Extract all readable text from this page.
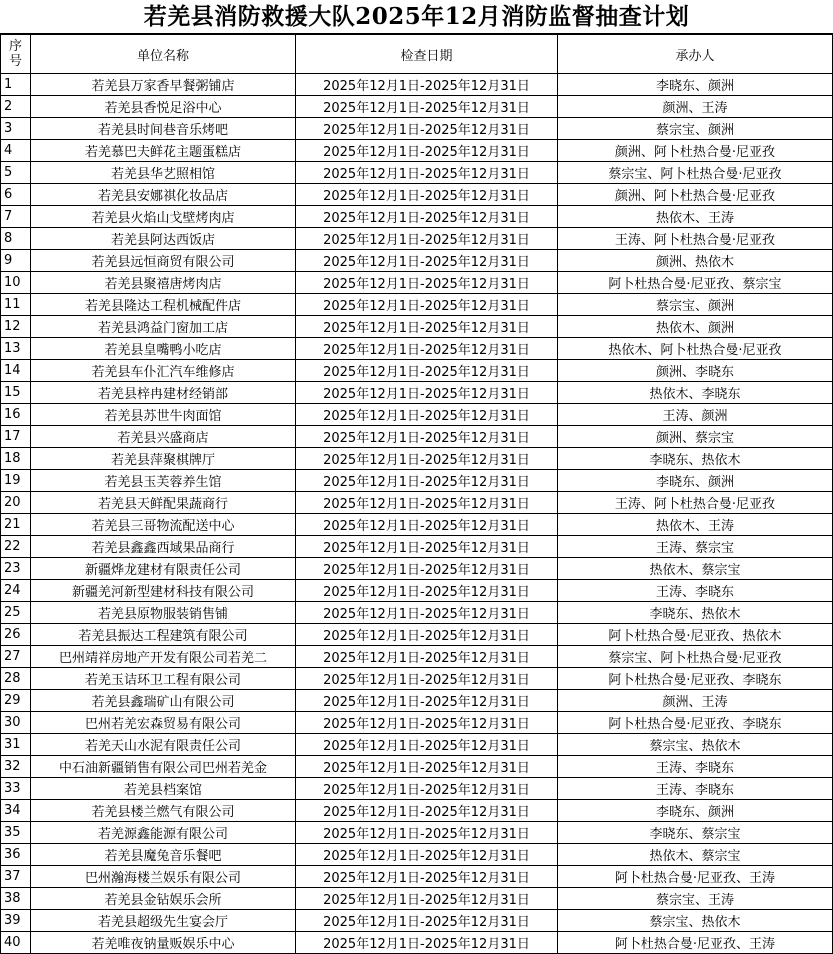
若羌县消防救援大队2025年12月消防监督抽查计划
序号	单位名称	检查日期	承办人
1	若羌县万家香早餐粥铺店	2025年12月1日-2025年12月31日	李晓东、颜洲
2	若羌县香悦足浴中心	2025年12月1日-2025年12月31日	颜洲、王涛
3	若羌县时间巷音乐烤吧	2025年12月1日-2025年12月31日	蔡宗宝、颜洲
4	若羌慕巴夫鲜花主题蛋糕店	2025年12月1日-2025年12月31日	颜洲、阿卜杜热合曼·尼亚孜
5	若羌县华艺照相馆	2025年12月1日-2025年12月31日	蔡宗宝、阿卜杜热合曼·尼亚孜
6	若羌县安娜祺化妆品店	2025年12月1日-2025年12月31日	颜洲、阿卜杜热合曼·尼亚孜
7	若羌县火焰山戈壁烤肉店	2025年12月1日-2025年12月31日	热依木、王涛
8	若羌县阿达西饭店	2025年12月1日-2025年12月31日	王涛、阿卜杜热合曼·尼亚孜
9	若羌县远恒商贸有限公司	2025年12月1日-2025年12月31日	颜洲、热依木
10	若羌县聚禧唐烤肉店	2025年12月1日-2025年12月31日	阿卜杜热合曼·尼亚孜、蔡宗宝
11	若羌县隆达工程机械配件店	2025年12月1日-2025年12月31日	蔡宗宝、颜洲
12	若羌县鸿益门窗加工店	2025年12月1日-2025年12月31日	热依木、颜洲
13	若羌县皇嘴鸭小吃店	2025年12月1日-2025年12月31日	热依木、阿卜杜热合曼·尼亚孜
14	若羌县车仆汇汽车维修店	2025年12月1日-2025年12月31日	颜洲、李晓东
15	若羌县梓冉建材经销部	2025年12月1日-2025年12月31日	热依木、李晓东
16	若羌县苏世牛肉面馆	2025年12月1日-2025年12月31日	王涛、颜洲
17	若羌县兴盛商店	2025年12月1日-2025年12月31日	颜洲、蔡宗宝
18	若羌县萍聚棋牌厅	2025年12月1日-2025年12月31日	李晓东、热依木
19	若羌县玉芙蓉养生馆	2025年12月1日-2025年12月31日	李晓东、颜洲
20	若羌县天鲜配果蔬商行	2025年12月1日-2025年12月31日	王涛、阿卜杜热合曼·尼亚孜
21	若羌县三哥物流配送中心	2025年12月1日-2025年12月31日	热依木、王涛
22	若羌县鑫鑫西域果品商行	2025年12月1日-2025年12月31日	王涛、蔡宗宝
23	新疆烨龙建材有限责任公司	2025年12月1日-2025年12月31日	热依木、蔡宗宝
24	新疆羌河新型建材科技有限公司	2025年12月1日-2025年12月31日	王涛、李晓东
25	若羌县原物服装销售铺	2025年12月1日-2025年12月31日	李晓东、热依木
26	若羌县振达工程建筑有限公司	2025年12月1日-2025年12月31日	阿卜杜热合曼·尼亚孜、热依木
27	巴州靖祥房地产开发有限公司若羌二	2025年12月1日-2025年12月31日	蔡宗宝、阿卜杜热合曼·尼亚孜
28	若羌玉诘环卫工程有限公司	2025年12月1日-2025年12月31日	阿卜杜热合曼·尼亚孜、李晓东
29	若羌县鑫瑞矿山有限公司	2025年12月1日-2025年12月31日	颜洲、王涛
30	巴州若羌宏森贸易有限公司	2025年12月1日-2025年12月31日	阿卜杜热合曼·尼亚孜、李晓东
31	若羌天山水泥有限责任公司	2025年12月1日-2025年12月31日	蔡宗宝、热依木
32	中石油新疆销售有限公司巴州若羌金	2025年12月1日-2025年12月31日	王涛、李晓东
33	若羌县档案馆	2025年12月1日-2025年12月31日	王涛、李晓东
34	若羌县楼兰燃气有限公司	2025年12月1日-2025年12月31日	李晓东、颜洲
35	若羌源鑫能源有限公司	2025年12月1日-2025年12月31日	李晓东、蔡宗宝
36	若羌县魔兔音乐餐吧	2025年12月1日-2025年12月31日	热依木、蔡宗宝
37	巴州瀚海楼兰娱乐有限公司	2025年12月1日-2025年12月31日	阿卜杜热合曼·尼亚孜、王涛
38	若羌县金钻娱乐会所	2025年12月1日-2025年12月31日	蔡宗宝、王涛
39	若羌县超级先生宴会厅	2025年12月1日-2025年12月31日	蔡宗宝、热依木
40	若羌唯夜钠量贩娱乐中心	2025年12月1日-2025年12月31日	阿卜杜热合曼·尼亚孜、王涛
